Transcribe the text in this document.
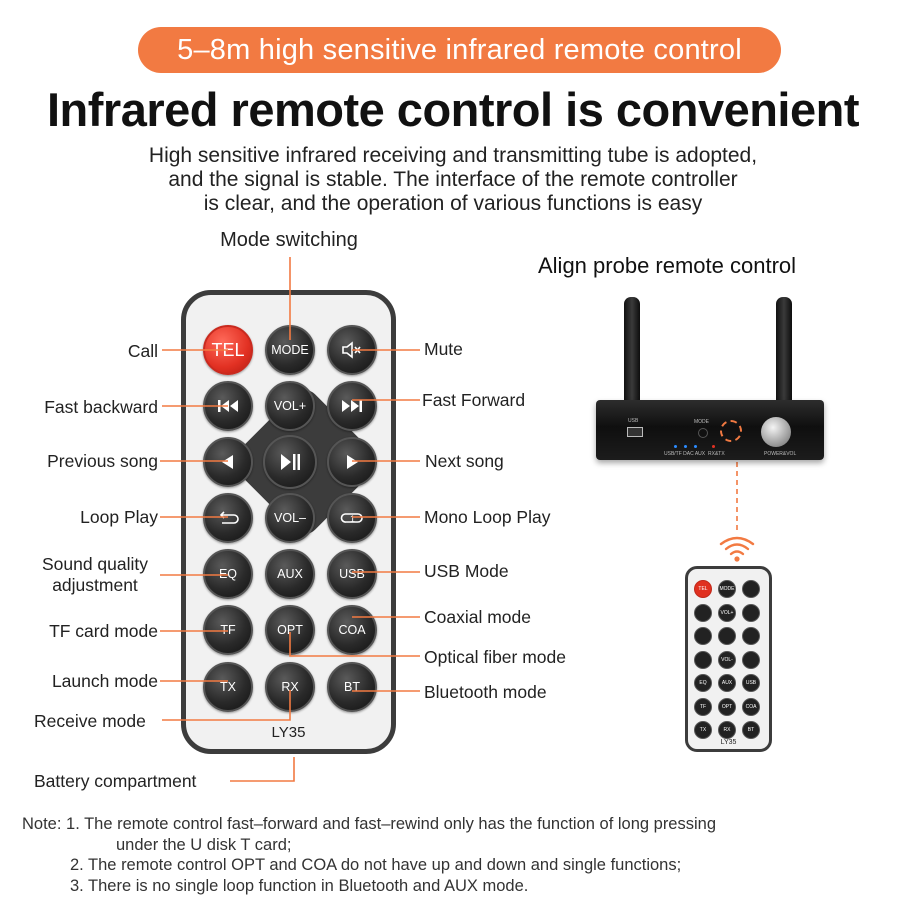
5–8m high sensitive infrared remote control
Infrared remote control is convenient
High sensitive infrared receiving and transmitting tube is adopted,
and the signal is stable. The interface of the remote controller
is clear, and the operation of various functions is easy
TEL MODE
VOL+
VOL–	1
EQ	AUX	USB
TF	OPT	COA
TX	RX	BT
LY35
Mode switching
Call	Mute
Fast backward	Fast Forward
Previous song	Next song
Loop Play	Mono Loop Play
Sound quality
adjustment
USB Mode
TF card mode
Coaxial mode
Optical fiber mode
Launch mode
Bluetooth mode
Receive mode
Battery compartment
Align probe remote control
USB	MODE
USB/TF DAC AUX RX&TX	POWER&VOL
TEL	MODE
VOL+
VOL-
EQ	AUX	USB
TF	OPT	COA
TX	RX	BT
LY35
Note: 1. The remote control fast–forward and fast–rewind only has the function of long pressing
under the U disk T card;
2. The remote control OPT and COA do not have up and down and single functions;
3. There is no single loop function in Bluetooth and AUX mode.
